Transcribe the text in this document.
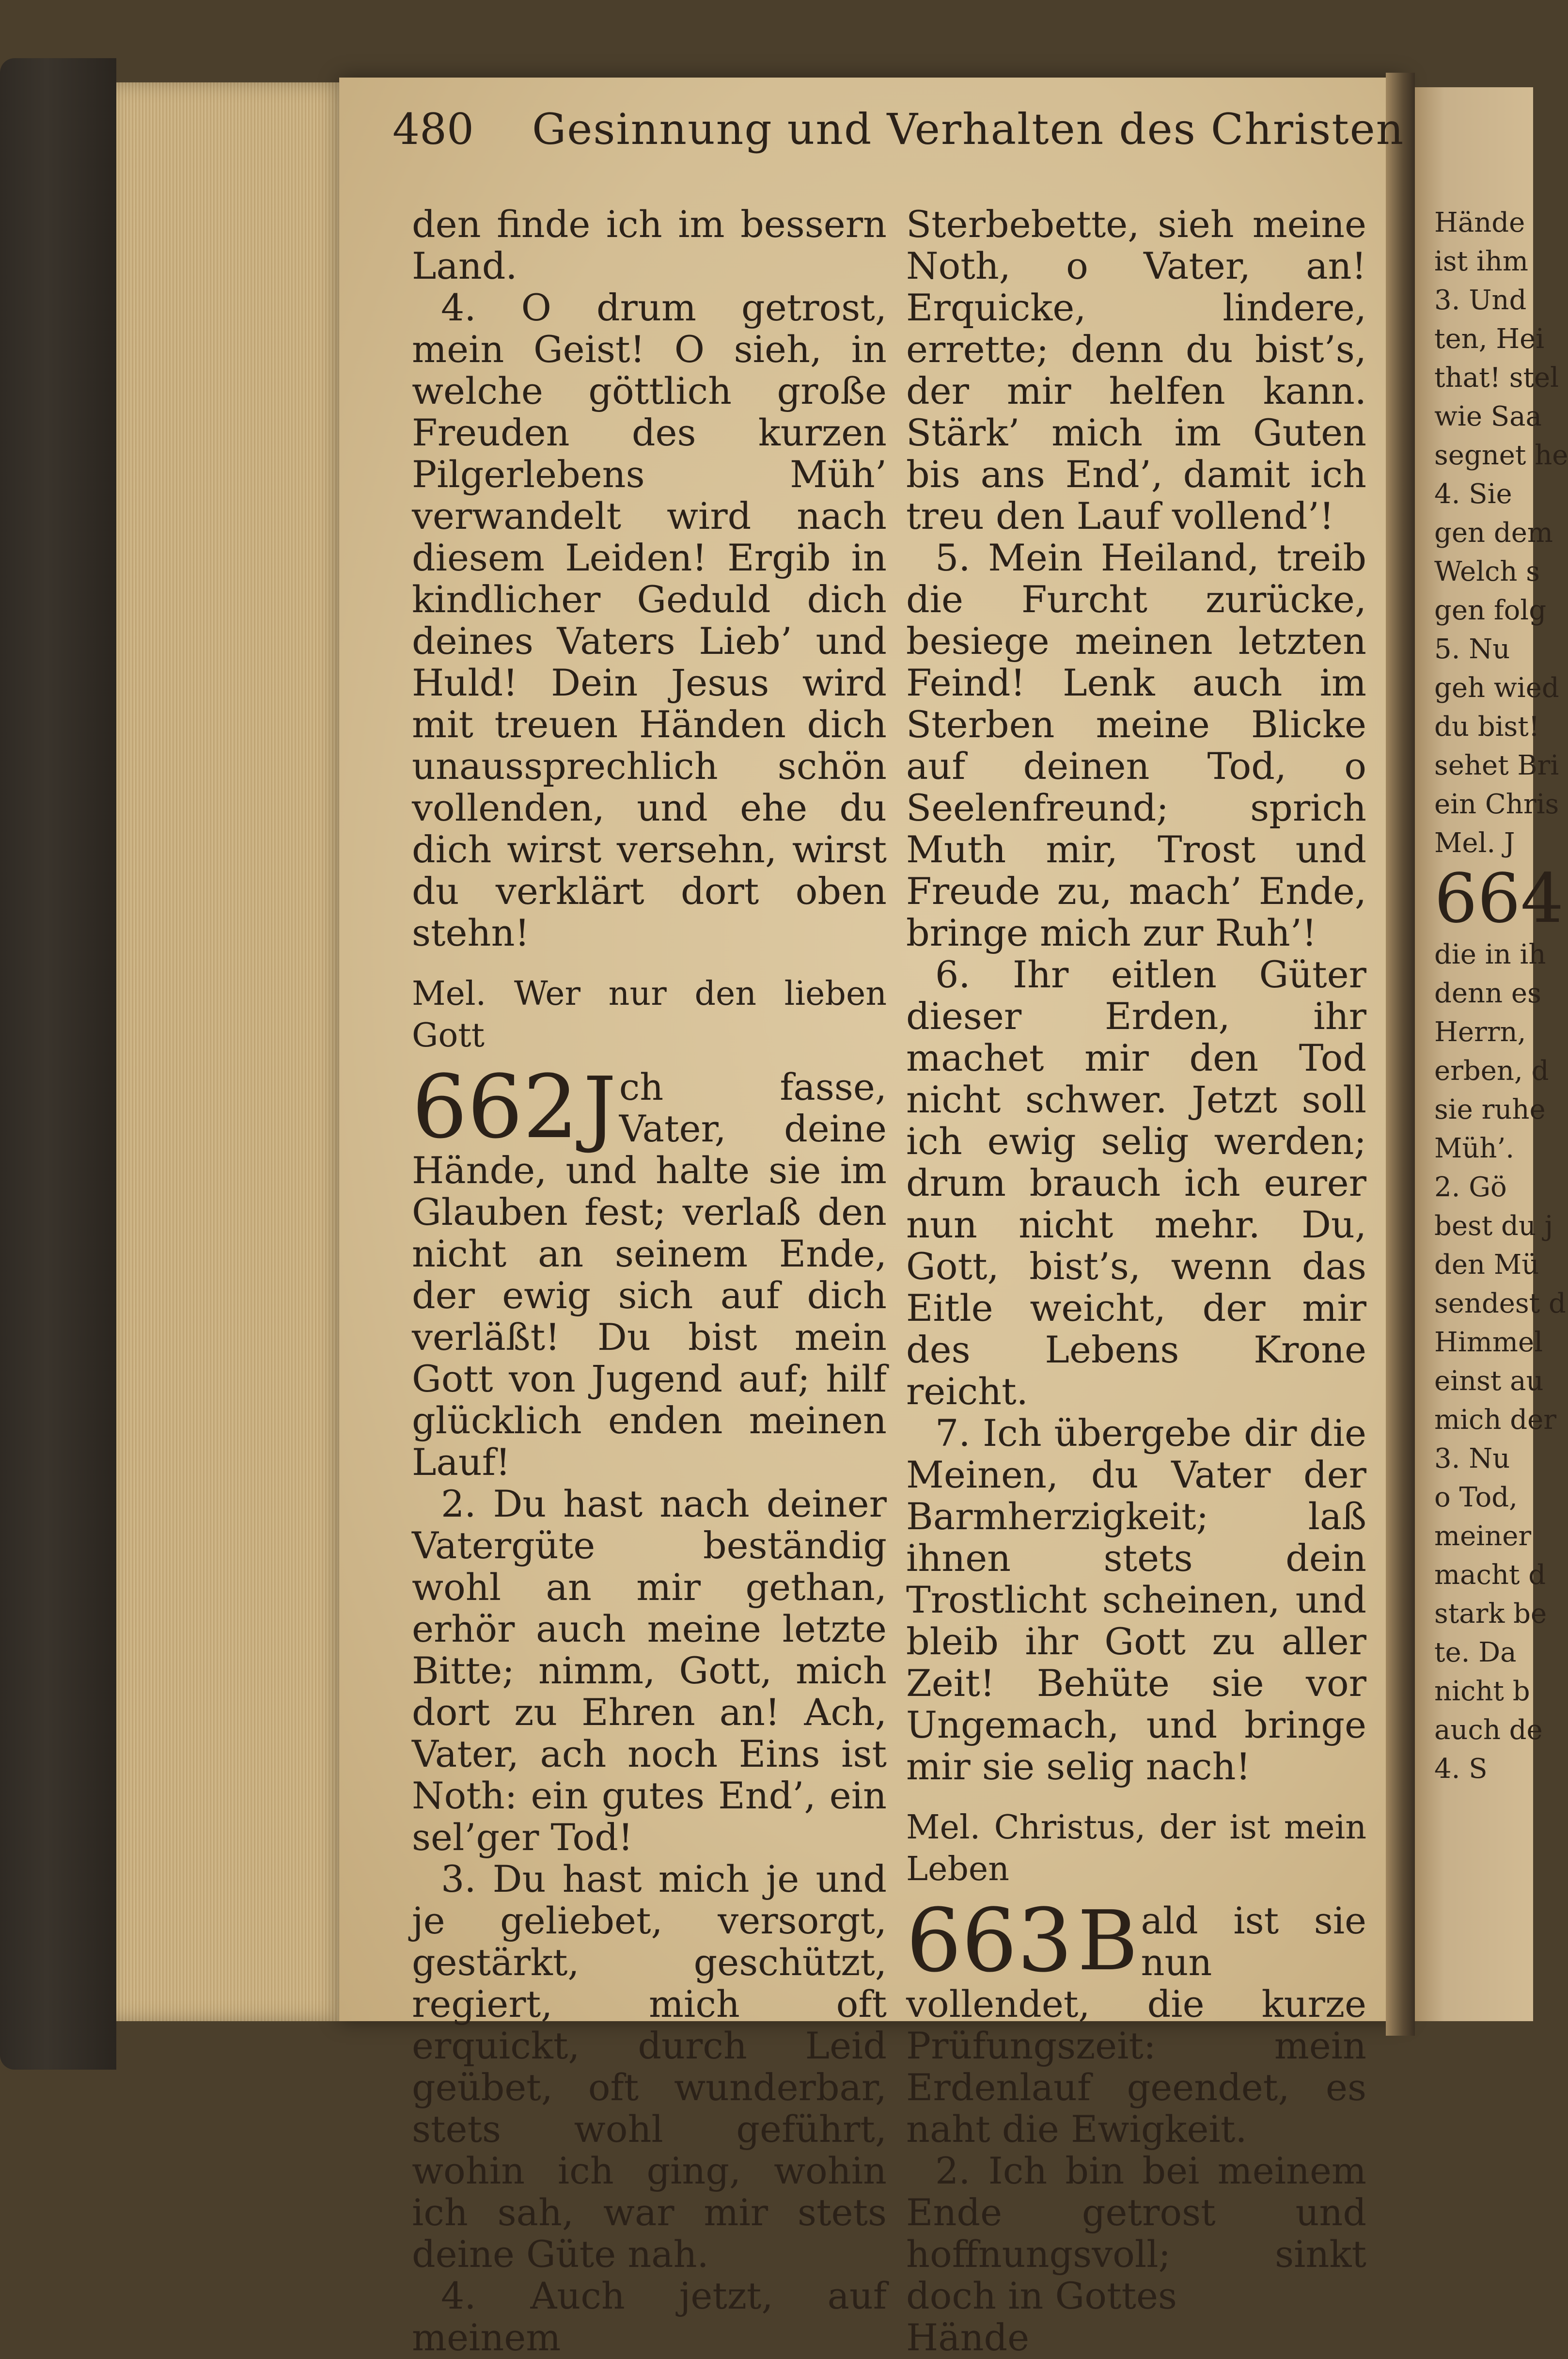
480 Gesinnung und Verhalten des Christen

den finde ich im bessern Land.

4. O drum getrost, mein Geist! O sieh, in welche göttlich große Freuden des kurzen Pilgerlebens Müh’ verwandelt wird nach diesem Leiden! Ergib in kindlicher Geduld dich deines Vaters Lieb’ und Huld! Dein Jesus wird mit treuen Händen dich unaussprechlich schön vollenden, und ehe du dich wirst versehn, wirst du verklärt dort oben stehn!

Mel. Wer nur den lieben Gott

662 J ch fasse, Vater, deine Hände, und halte sie im Glauben fest; verlaß den nicht an seinem Ende, der ewig sich auf dich verläßt! Du bist mein Gott von Jugend auf; hilf glücklich enden meinen Lauf!

2. Du hast nach deiner Vatergüte beständig wohl an mir gethan, erhör auch meine letzte Bitte; nimm, Gott, mich dort zu Ehren an! Ach, Vater, ach noch Eins ist Noth: ein gutes End’, ein sel’ger Tod!

3. Du hast mich je und je geliebet, versorgt, gestärkt, geschützt, regiert, mich oft erquickt, durch Leid geübet, oft wunderbar, stets wohl geführt, wohin ich ging, wohin ich sah, war mir stets deine Güte nah.

4. Auch jetzt, auf meinem

Sterbebette, sieh meine Noth, o Vater, an! Erquicke, lindere, errette; denn du bist’s, der mir helfen kann. Stärk’ mich im Guten bis ans End’, damit ich treu den Lauf vollend’!

5. Mein Heiland, treib die Furcht zurücke, besiege meinen letzten Feind! Lenk auch im Sterben meine Blicke auf deinen Tod, o Seelenfreund; sprich Muth mir, Trost und Freude zu, mach’ Ende, bringe mich zur Ruh’!

6. Ihr eitlen Güter dieser Erden, ihr machet mir den Tod nicht schwer. Jetzt soll ich ewig selig werden; drum brauch ich eurer nun nicht mehr. Du, Gott, bist’s, wenn das Eitle weicht, der mir des Lebens Krone reicht.

7. Ich übergebe dir die Meinen, du Vater der Barmherzigkeit; laß ihnen stets dein Trostlicht scheinen, und bleib ihr Gott zu aller Zeit! Behüte sie vor Ungemach, und bringe mir sie selig nach!

Mel. Christus, der ist mein Leben

663 B ald ist sie nun vollendet, die kurze Prüfungszeit: mein Erdenlauf geendet, es naht die Ewigkeit.

2. Ich bin bei meinem Ende getrost und hoffnungsvoll; sinkt doch in Gottes

Hände

Hände
ist ihm
3. Und
ten, Hei
that! stel
wie Saa
segnet he
4. Sie
gen dem
Welch s
gen folg
5. Nu
geh wied
du bist!
sehet Bri
ein Chris
Mel. J
664
die in ih
denn es
Herrn,
erben, d
sie ruhe
Müh’.
2. Gö
best du j
den Mü
sendest d
Himmel
einst au
mich der
3. Nu
o Tod,
meiner
macht d
stark be
te. Da
nicht b
auch de
4. S
